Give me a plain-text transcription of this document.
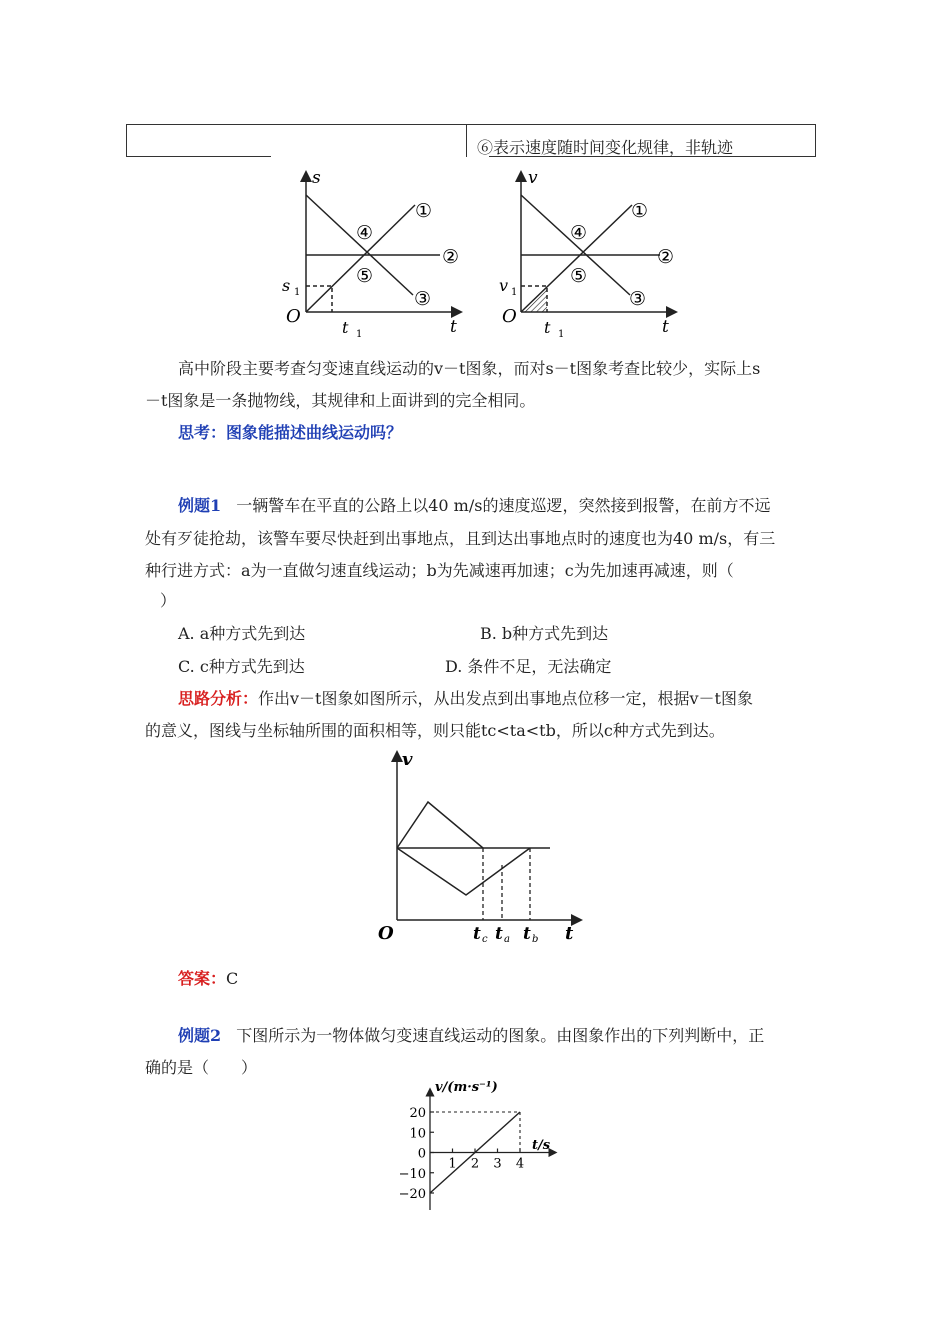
⑥表示速度随时间变化规律，非轨迹
s
t
O
s 1
t 1
①
②
③
④
⑤
v
t
O
v 1
t 1
①
②
③
④
⑤
高中阶段主要考查匀变速直线运动的v－t图象，而对s－t图象考查比较少，实际上s
－t图象是一条抛物线，其规律和上面讲到的完全相同。
思考：图象能描述曲线运动吗？
例题1 一辆警车在平直的公路上以40 m/s的速度巡逻，突然接到报警，在前方不远
处有歹徒抢劫，该警车要尽快赶到出事地点，且到达出事地点时的速度也为40 m/s，有三
种行进方式：a为一直做匀速直线运动；b为先减速再加速；c为先加速再减速，则（
）
A. a种方式先到达	B. b种方式先到达
C. c种方式先到达	D. 条件不足，无法确定
思路分析：作出v－t图象如图所示，从出发点到出事地点位移一定，根据v－t图象
的意义，图线与坐标轴所围的面积相等，则只能tc<ta<tb，所以c种方式先到达。
v
t
O	t c t a t b
答案：C
例题2 下图所示为一物体做匀变速直线运动的图象。由图象作出的下列判断中，正
确的是（　　）
20
10
0
−10
−20
1 2 3 4
v/(m·s⁻¹)
t/s
